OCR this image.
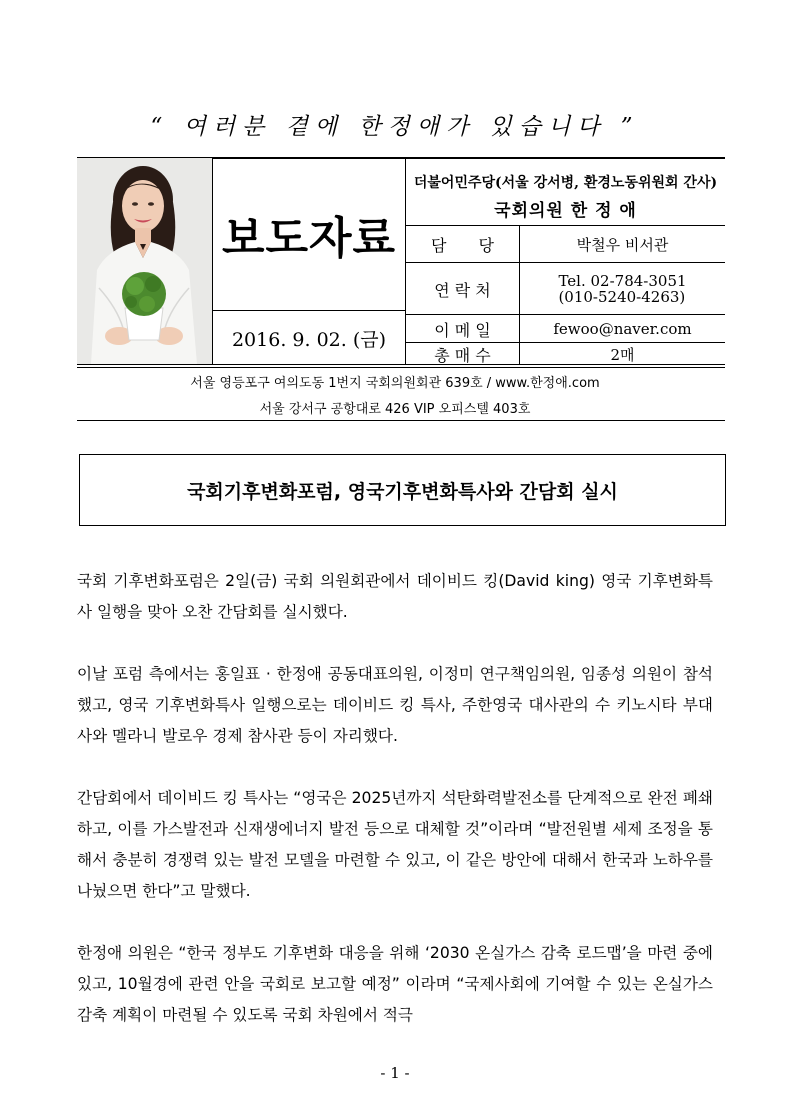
“ 여러분 곁에 한정애가 있습니다 ”
보도자료
2016. 9. 02. (금)
더불어민주당(서울 강서병, 환경노동위원회 간사)
국회의원 한 정 애
담　　당	박철우 비서관
연 락 처	Tel. 02-784-3051
(010-5240-4263)
이 메 일	fewoo@naver.com
총 매 수	2매
서울 영등포구 여의도동 1번지 국회의원회관 639호 / www.한정애.com
서울 강서구 공항대로 426 VIP 오피스텔 403호
국회기후변화포럼, 영국기후변화특사와 간담회 실시

국회 기후변화포럼은 2일(금) 국회 의원회관에서 데이비드 킹(David king) 영국 기후변화특사 일행을 맞아 오찬 간담회를 실시했다.

이날 포럼 측에서는 홍일표 · 한정애 공동대표의원, 이정미 연구책임의원, 임종성 의원이 참석했고, 영국 기후변화특사 일행으로는 데이비드 킹 특사, 주한영국 대사관의 수 키노시타 부대사와 멜라니 발로우 경제 참사관 등이 자리했다.

간담회에서 데이비드 킹 특사는 “영국은 2025년까지 석탄화력발전소를 단계적으로 완전 폐쇄하고, 이를 가스발전과 신재생에너지 발전 등으로 대체할 것”이라며 “발전원별 세제 조정을 통해서 충분히 경쟁력 있는 발전 모델을 마련할 수 있고, 이 같은 방안에 대해서 한국과 노하우를 나눴으면 한다”고 말했다.

한정애 의원은 “한국 정부도 기후변화 대응을 위해 ‘2030 온실가스 감축 로드맵’을 마련 중에 있고, 10월경에 관련 안을 국회로 보고할 예정” 이라며 “국제사회에 기여할 수 있는 온실가스 감축 계획이 마련될 수 있도록 국회 차원에서 적극

- 1 -
